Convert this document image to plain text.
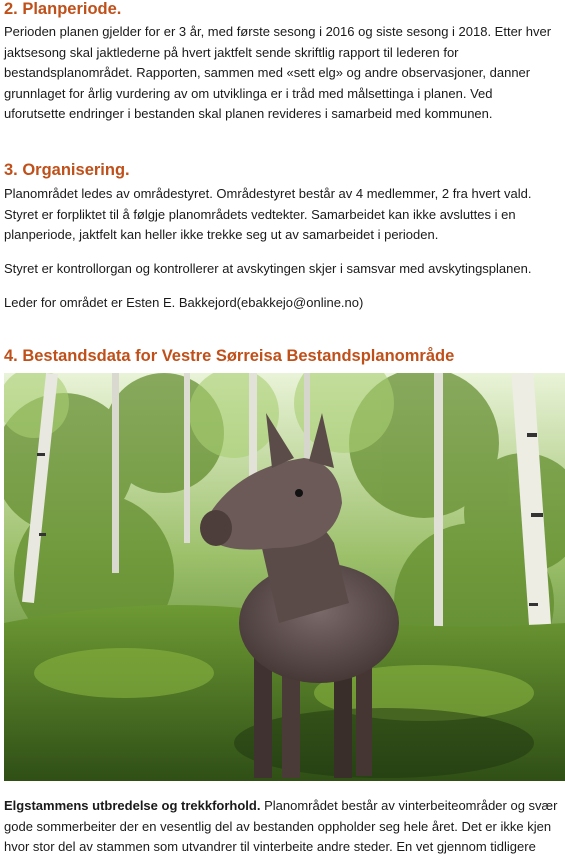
2. Planperiode.

Perioden planen gjelder for er 3 år, med første sesong i 2016 og siste sesong i 2018. Etter hver
jaktsesong skal jaktlederne på hvert jaktfelt sende skriftlig rapport til lederen for
bestandsplanområdet. Rapporten, sammen med «sett elg» og andre observasjoner, danner
grunnlaget for årlig vurdering av om utviklinga er i tråd med målsettinga i planen. Ved
uforutsette endringer i bestanden skal planen revideres i samarbeid med kommunen.

3. Organisering.

Planområdet ledes av områdestyret. Områdestyret består av 4 medlemmer, 2 fra hvert vald.
Styret er forpliktet til å følgje planområdets vedtekter. Samarbeidet kan ikke avsluttes i en
planperiode, jaktfelt kan heller ikke trekke seg ut av samarbeidet i perioden.

Styret er kontrollorgan og kontrollerer at avskytingen skjer i samsvar med avskytingsplanen.

Leder for området er Esten E. Bakkejord(ebakkejo@online.no)

4. Bestandsdata for Vestre Sørreisa Bestandsplanområde

Elgstammens utbredelse og trekkforhold. Planområdet består av vinterbeiteområder og svær
gode sommerbeiter der en vesentlig del av bestanden oppholder seg hele året. Det er ikke kjen
hvor stor del av stammen som utvandrer til vinterbeite andre steder. En vet gjennom tidligere
